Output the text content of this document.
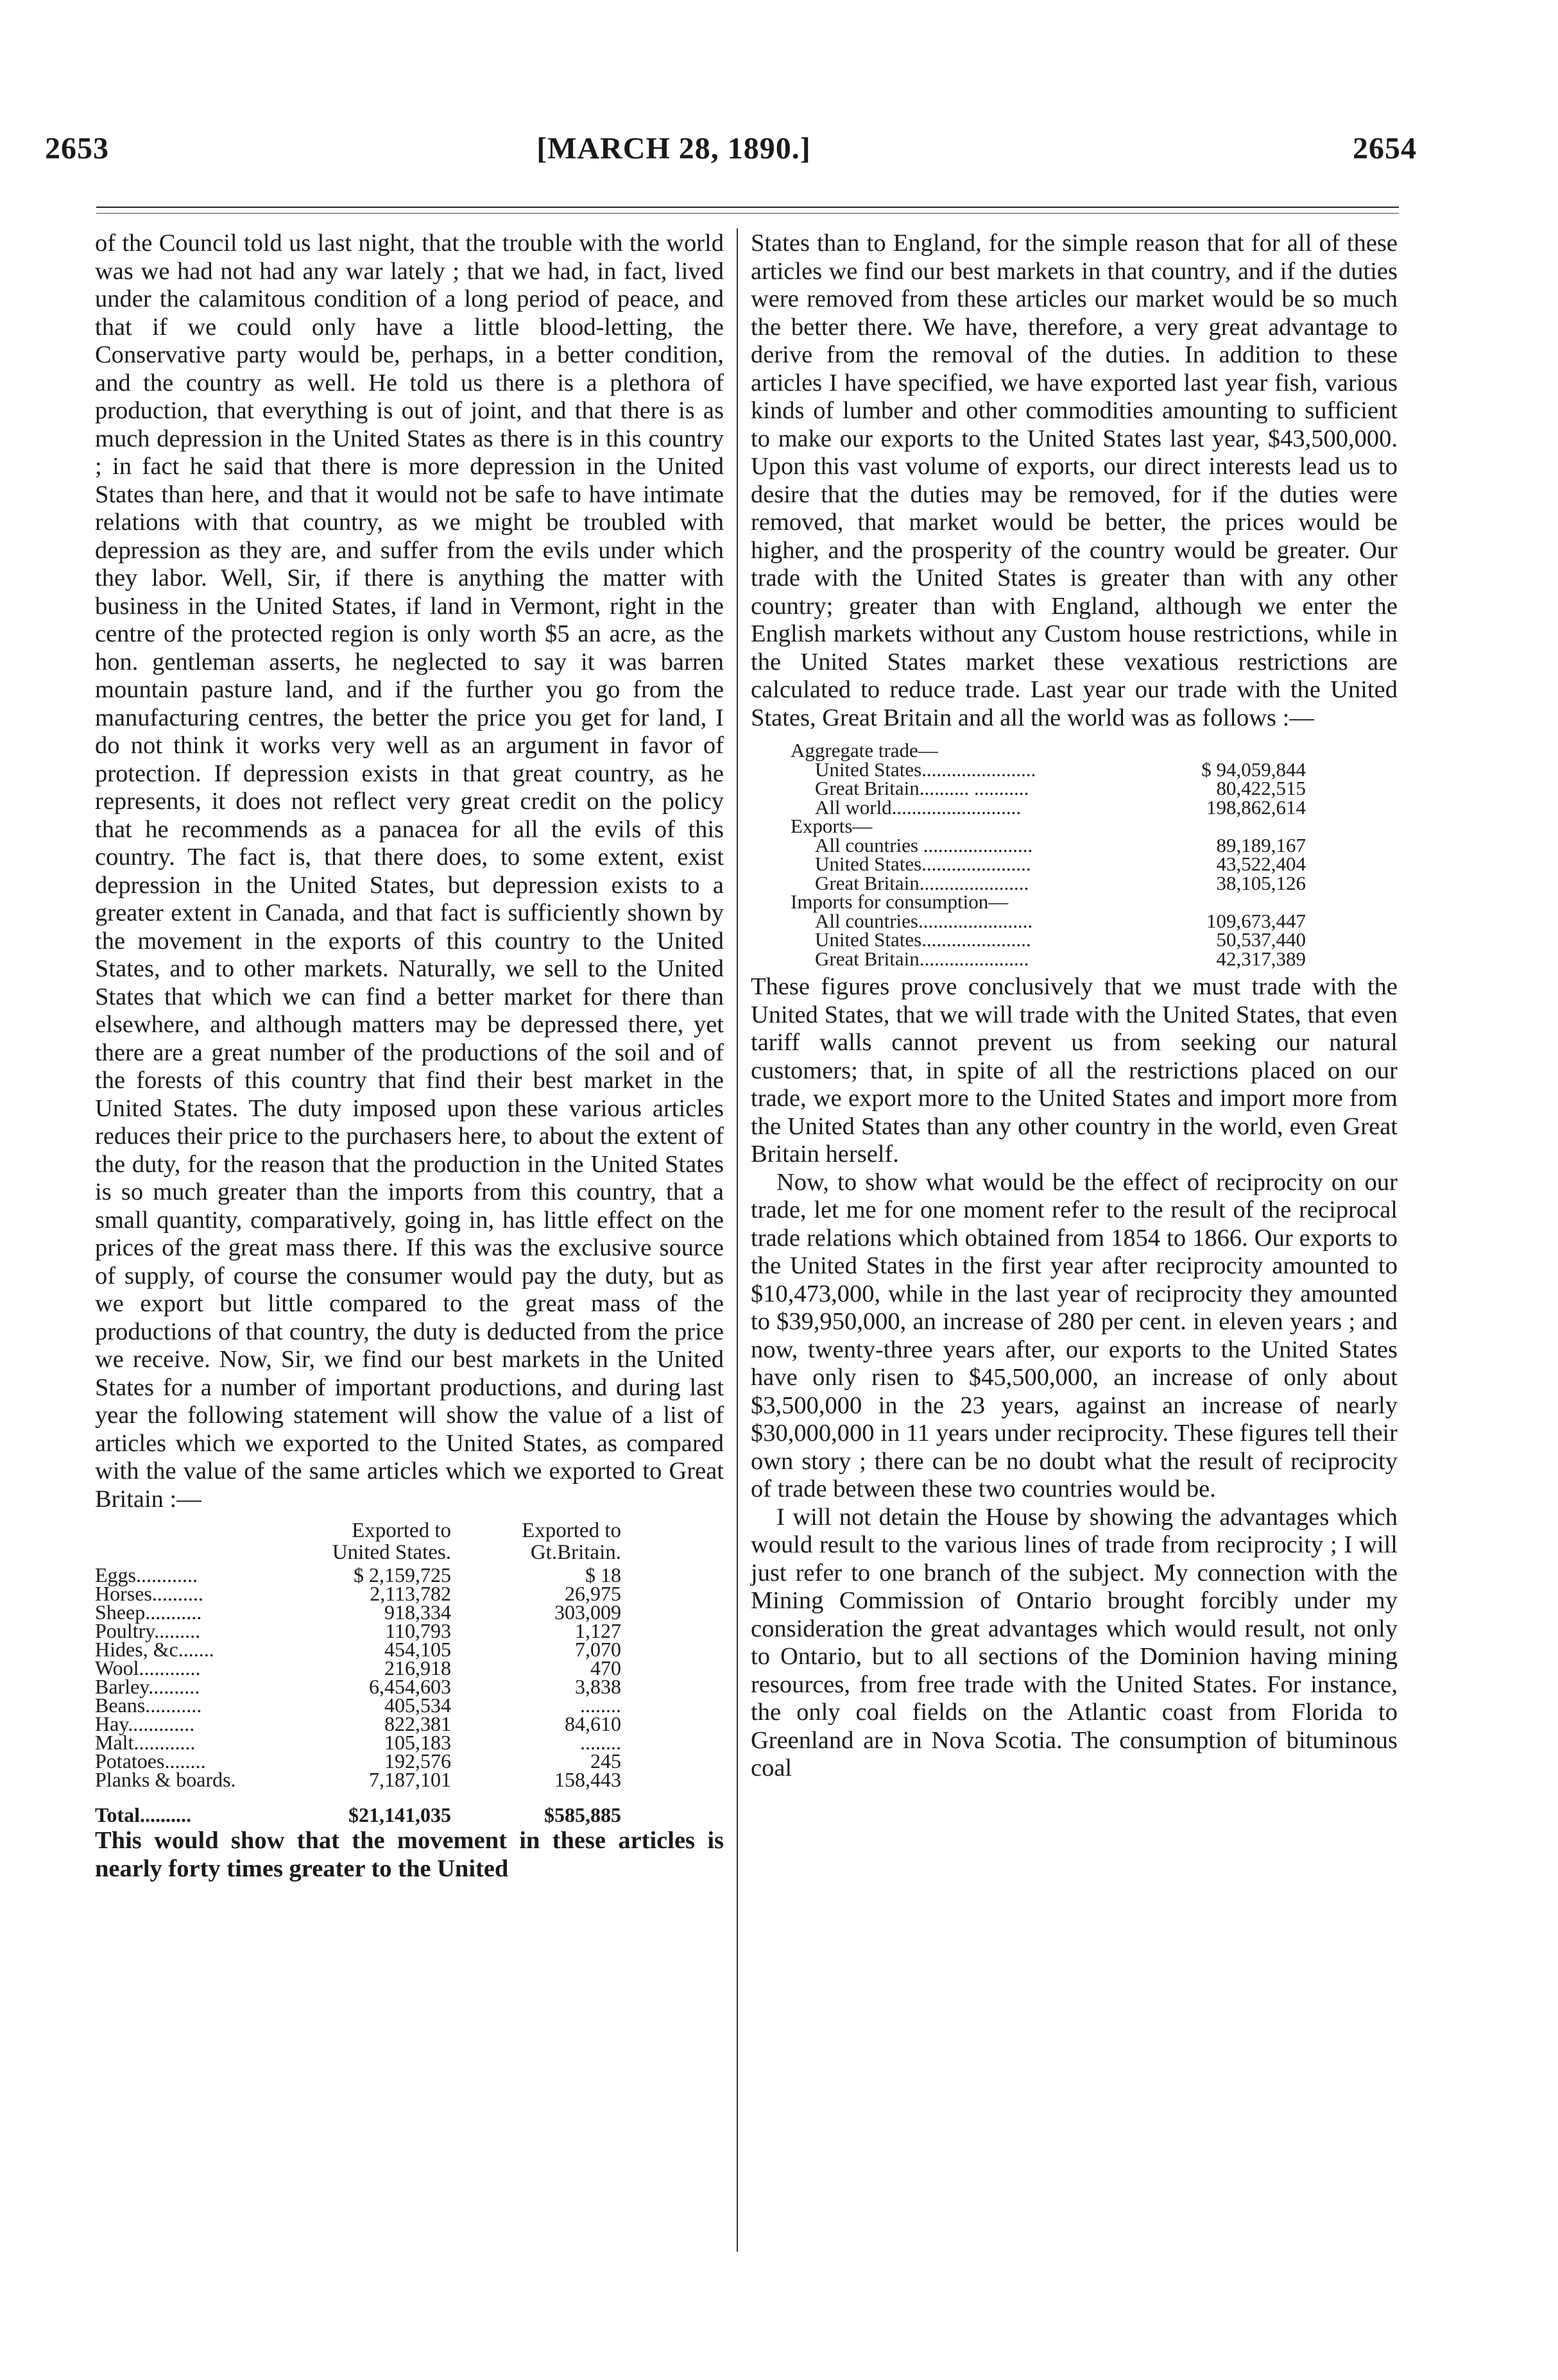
2653	[MARCH 28, 1890.]	2654

of the Council told us last night, that the trouble with the world was we had not had any war lately ; that we had, in fact, lived under the calamitous condition of a long period of peace, and that if we could only have a little blood-letting, the Conservative party would be, perhaps, in a better condition, and the country as well. He told us there is a plethora of production, that everything is out of joint, and that there is as much depression in the United States as there is in this country ; in fact he said that there is more depression in the United States than here, and that it would not be safe to have intimate relations with that country, as we might be troubled with depression as they are, and suffer from the evils under which they labor. Well, Sir, if there is anything the matter with business in the United States, if land in Vermont, right in the centre of the protected region is only worth $5 an acre, as the hon. gentleman asserts, he neglected to say it was barren mountain pasture land, and if the further you go from the manufacturing centres, the better the price you get for land, I do not think it works very well as an argument in favor of protection. If depression exists in that great country, as he represents, it does not reflect very great credit on the policy that he recommends as a panacea for all the evils of this country. The fact is, that there does, to some extent, exist depression in the United States, but depression exists to a greater extent in Canada, and that fact is sufficiently shown by the movement in the exports of this country to the United States, and to other markets. Naturally, we sell to the United States that which we can find a better market for there than elsewhere, and although matters may be depressed there, yet there are a great number of the productions of the soil and of the forests of this country that find their best market in the United States. The duty imposed upon these various articles reduces their price to the purchasers here, to about the extent of the duty, for the reason that the production in the United States is so much greater than the imports from this country, that a small quantity, comparatively, going in, has little effect on the prices of the great mass there. If this was the exclusive source of supply, of course the consumer would pay the duty, but as we export but little compared to the great mass of the productions of that country, the duty is deducted from the price we receive. Now, Sir, we find our best markets in the United States for a number of important productions, and during last year the following statement will show the value of a list of articles which we exported to the United States, as compared with the value of the same articles which we exported to Great Britain :—

	Exported to United States.	Exported to Gt.Britain.
Eggs............	$ 2,159,725	$ 18
Horses..........	2,113,782	26,975
Sheep...........	918,334	303,009
Poultry.........	110,793	1,127
Hides, &c.......	454,105	7,070
Wool............	216,918	470
Barley..........	6,454,603	3,838
Beans...........	405,534	........
Hay.............	822,381	84,610
Malt............	105,183	........
Potatoes........	192,576	245
Planks & boards.	7,187,101	158,443
Total..........	$21,141,035	$585,885

This would show that the movement in these articles is nearly forty times greater to the United

States than to England, for the simple reason that for all of these articles we find our best markets in that country, and if the duties were removed from these articles our market would be so much the better there. We have, therefore, a very great advantage to derive from the removal of the duties. In addition to these articles I have specified, we have exported last year fish, various kinds of lumber and other commodities amounting to sufficient to make our exports to the United States last year, $43,500,000. Upon this vast volume of exports, our direct interests lead us to desire that the duties may be removed, for if the duties were removed, that market would be better, the prices would be higher, and the prosperity of the country would be greater. Our trade with the United States is greater than with any other country; greater than with England, although we enter the English markets without any Custom house restrictions, while in the United States market these vexatious restrictions are calculated to reduce trade. Last year our trade with the United States, Great Britain and all the world was as follows :—

Aggregate trade—	
United States.......................	$ 94,059,844
Great Britain.......... ...........	80,422,515
All world..........................	198,862,614
Exports—	
All countries ......................	89,189,167
United States......................	43,522,404
Great Britain......................	38,105,126
Imports for consumption—	
All countries.......................	109,673,447
United States......................	50,537,440
Great Britain......................	42,317,389

These figures prove conclusively that we must trade with the United States, that we will trade with the United States, that even tariff walls cannot prevent us from seeking our natural customers; that, in spite of all the restrictions placed on our trade, we export more to the United States and import more from the United States than any other country in the world, even Great Britain herself.

Now, to show what would be the effect of reciprocity on our trade, let me for one moment refer to the result of the reciprocal trade relations which obtained from 1854 to 1866. Our exports to the United States in the first year after reciprocity amounted to $10,473,000, while in the last year of reciprocity they amounted to $39,950,000, an increase of 280 per cent. in eleven years ; and now, twenty-three years after, our exports to the United States have only risen to $45,500,000, an increase of only about $3,500,000 in the 23 years, against an increase of nearly $30,000,000 in 11 years under reciprocity. These figures tell their own story ; there can be no doubt what the result of reciprocity of trade between these two countries would be.

I will not detain the House by showing the advantages which would result to the various lines of trade from reciprocity ; I will just refer to one branch of the subject. My connection with the Mining Commission of Ontario brought forcibly under my consideration the great advantages which would result, not only to Ontario, but to all sections of the Dominion having mining resources, from free trade with the United States. For instance, the only coal fields on the Atlantic coast from Florida to Greenland are in Nova Scotia. The consumption of bituminous coal
